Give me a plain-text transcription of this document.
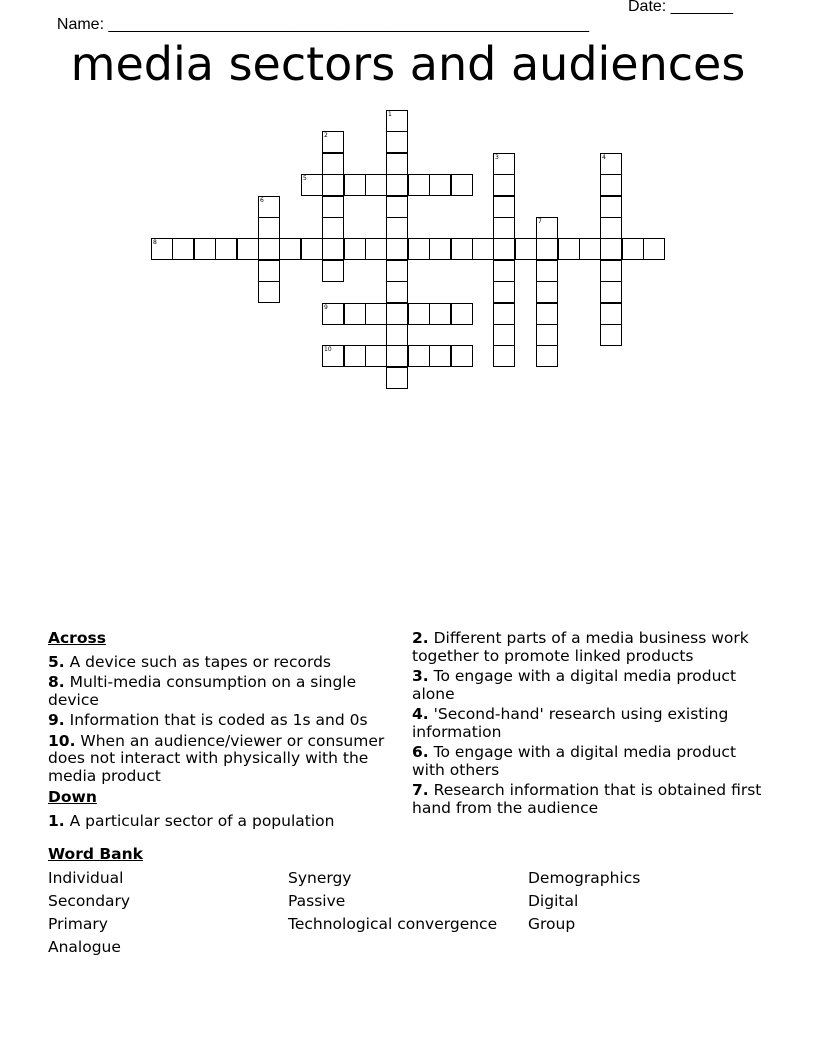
Name: ______________________________________________________

Date: _______

media sectors and audiences
1
2
3	4
5
6
7
8
9
10
Across
5. A device such as tapes or records
8. Multi-media consumption on a single device
9. Information that is coded as 1s and 0s
10. When an audience/viewer or consumer does not interact with physically with the media product
Down
1. A particular sector of a population
2. Different parts of a media business work together to promote linked products
3. To engage with a digital media product alone
4. 'Second-hand' research using existing information
6. To engage with a digital media product with others
7. Research information that is obtained first hand from the audience
Word Bank
Individual	Synergy	Demographics
Secondary	Passive	Digital
Primary	Technological convergence	Group
Analogue
